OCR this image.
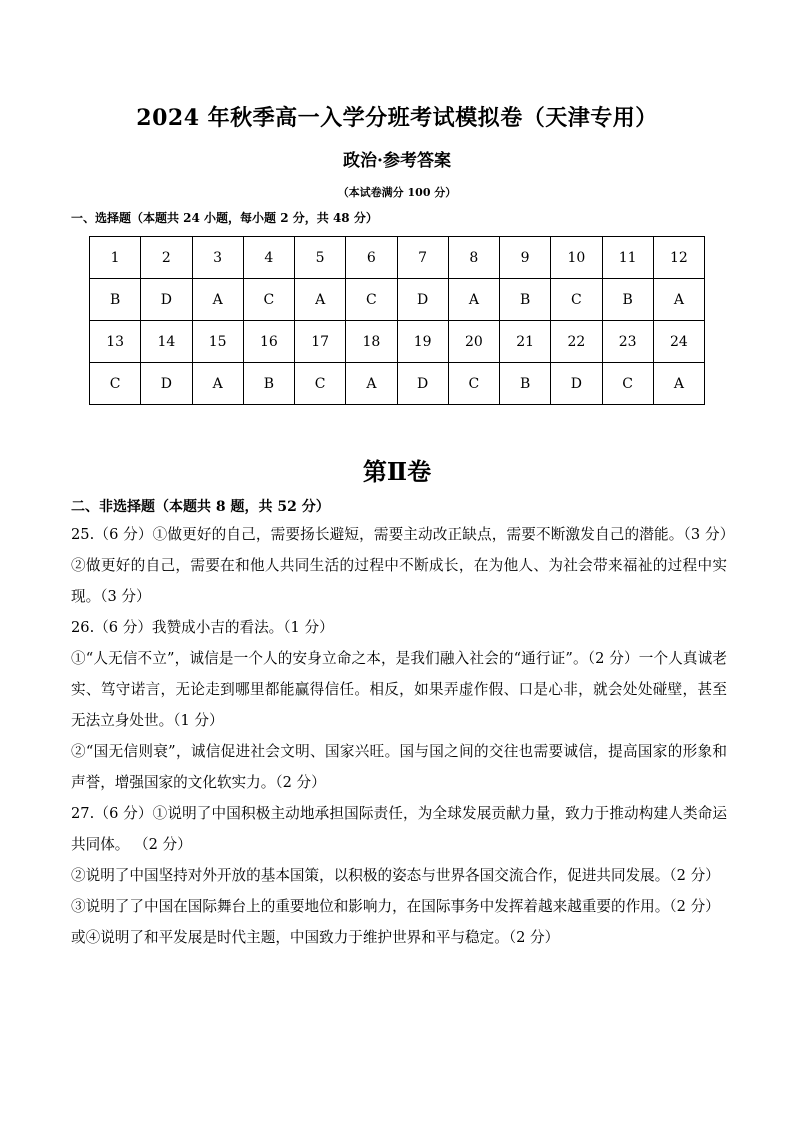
2024 年秋季高一入学分班考试模拟卷（天津专用）
政治·参考答案
（本试卷满分 100 分）
一、选择题（本题共 24 小题，每小题 2 分，共 48 分）
1	2	3	4	5	6	7	8	9	10	11	12
B	D	A	C	A	C	D	A	B	C	B	A
13	14	15	16	17	18	19	20	21	22	23	24
C	D	A	B	C	A	D	C	B	D	C	A
第Ⅱ卷
二、非选择题（本题共 8 题，共 52 分）

25.（6 分）①做更好的自己，需要扬长避短，需要主动改正缺点，需要不断激发自己的潜能。（3 分）②做更好的自己，需要在和他人共同生活的过程中不断成长，在为他人、为社会带来福祉的过程中实现。（3 分）

26.（6 分）我赞成小吉的看法。（1 分）

①“人无信不立”，诚信是一个人的安身立命之本，是我们融入社会的“通行证”。（2 分）一个人真诚老实、笃守诺言，无论走到哪里都能赢得信任。相反，如果弄虚作假、口是心非，就会处处碰壁，甚至无法立身处世。（1 分）

②“国无信则衰”，诚信促进社会文明、国家兴旺。国与国之间的交往也需要诚信，提高国家的形象和声誉，增强国家的文化软实力。（2 分）

27.（6 分）①说明了中国积极主动地承担国际责任，为全球发展贡献力量，致力于推动构建人类命运共同体。 （2 分）

②说明了中国坚持对外开放的基本国策，以积极的姿态与世界各国交流合作，促进共同发展。（2 分）

③说明了了中国在国际舞台上的重要地位和影响力，在国际事务中发挥着越来越重要的作用。（2 分）

或④说明了和平发展是时代主题，中国致力于维护世界和平与稳定。（2 分）
